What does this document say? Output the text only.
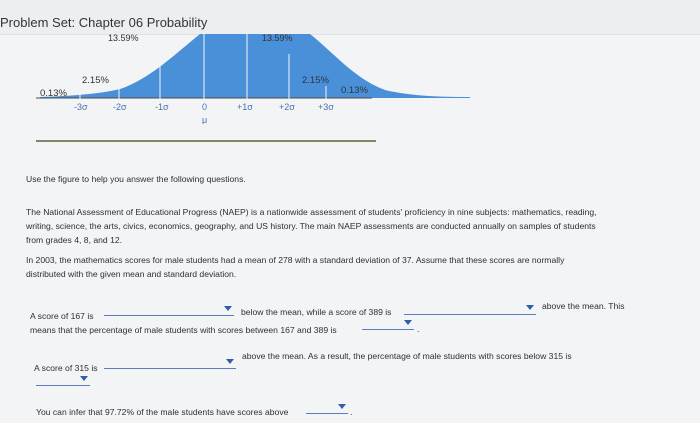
Problem Set: Chapter 06 Probability
13.59%	13.59%
0.13%
2.15%	2.15%
0.13%
-3σ	-2σ	-1σ	0	+1σ	+2σ	+3σ
μ
Use the figure to help you answer the following questions.
The National Assessment of Educational Progress (NAEP) is a nationwide assessment of students' proficiency in nine subjects: mathematics, reading,
writing, science, the arts, civics, economics, geography, and US history. The main NAEP assessments are conducted annually on samples of students
from grades 4, 8, and 12.
In 2003, the mathematics scores for male students had a mean of 278 with a standard deviation of 37. Assume that these scores are normally
distributed with the given mean and standard deviation.
A score of 167 is	below the mean, while a score of 389 is
above the mean. This
means that the percentage of male students with scores between 167 and 389 is	.
A score of 315 is
above the mean. As a result, the percentage of male students with scores below 315 is
You can infer that 97.72% of the male students have scores above	.
